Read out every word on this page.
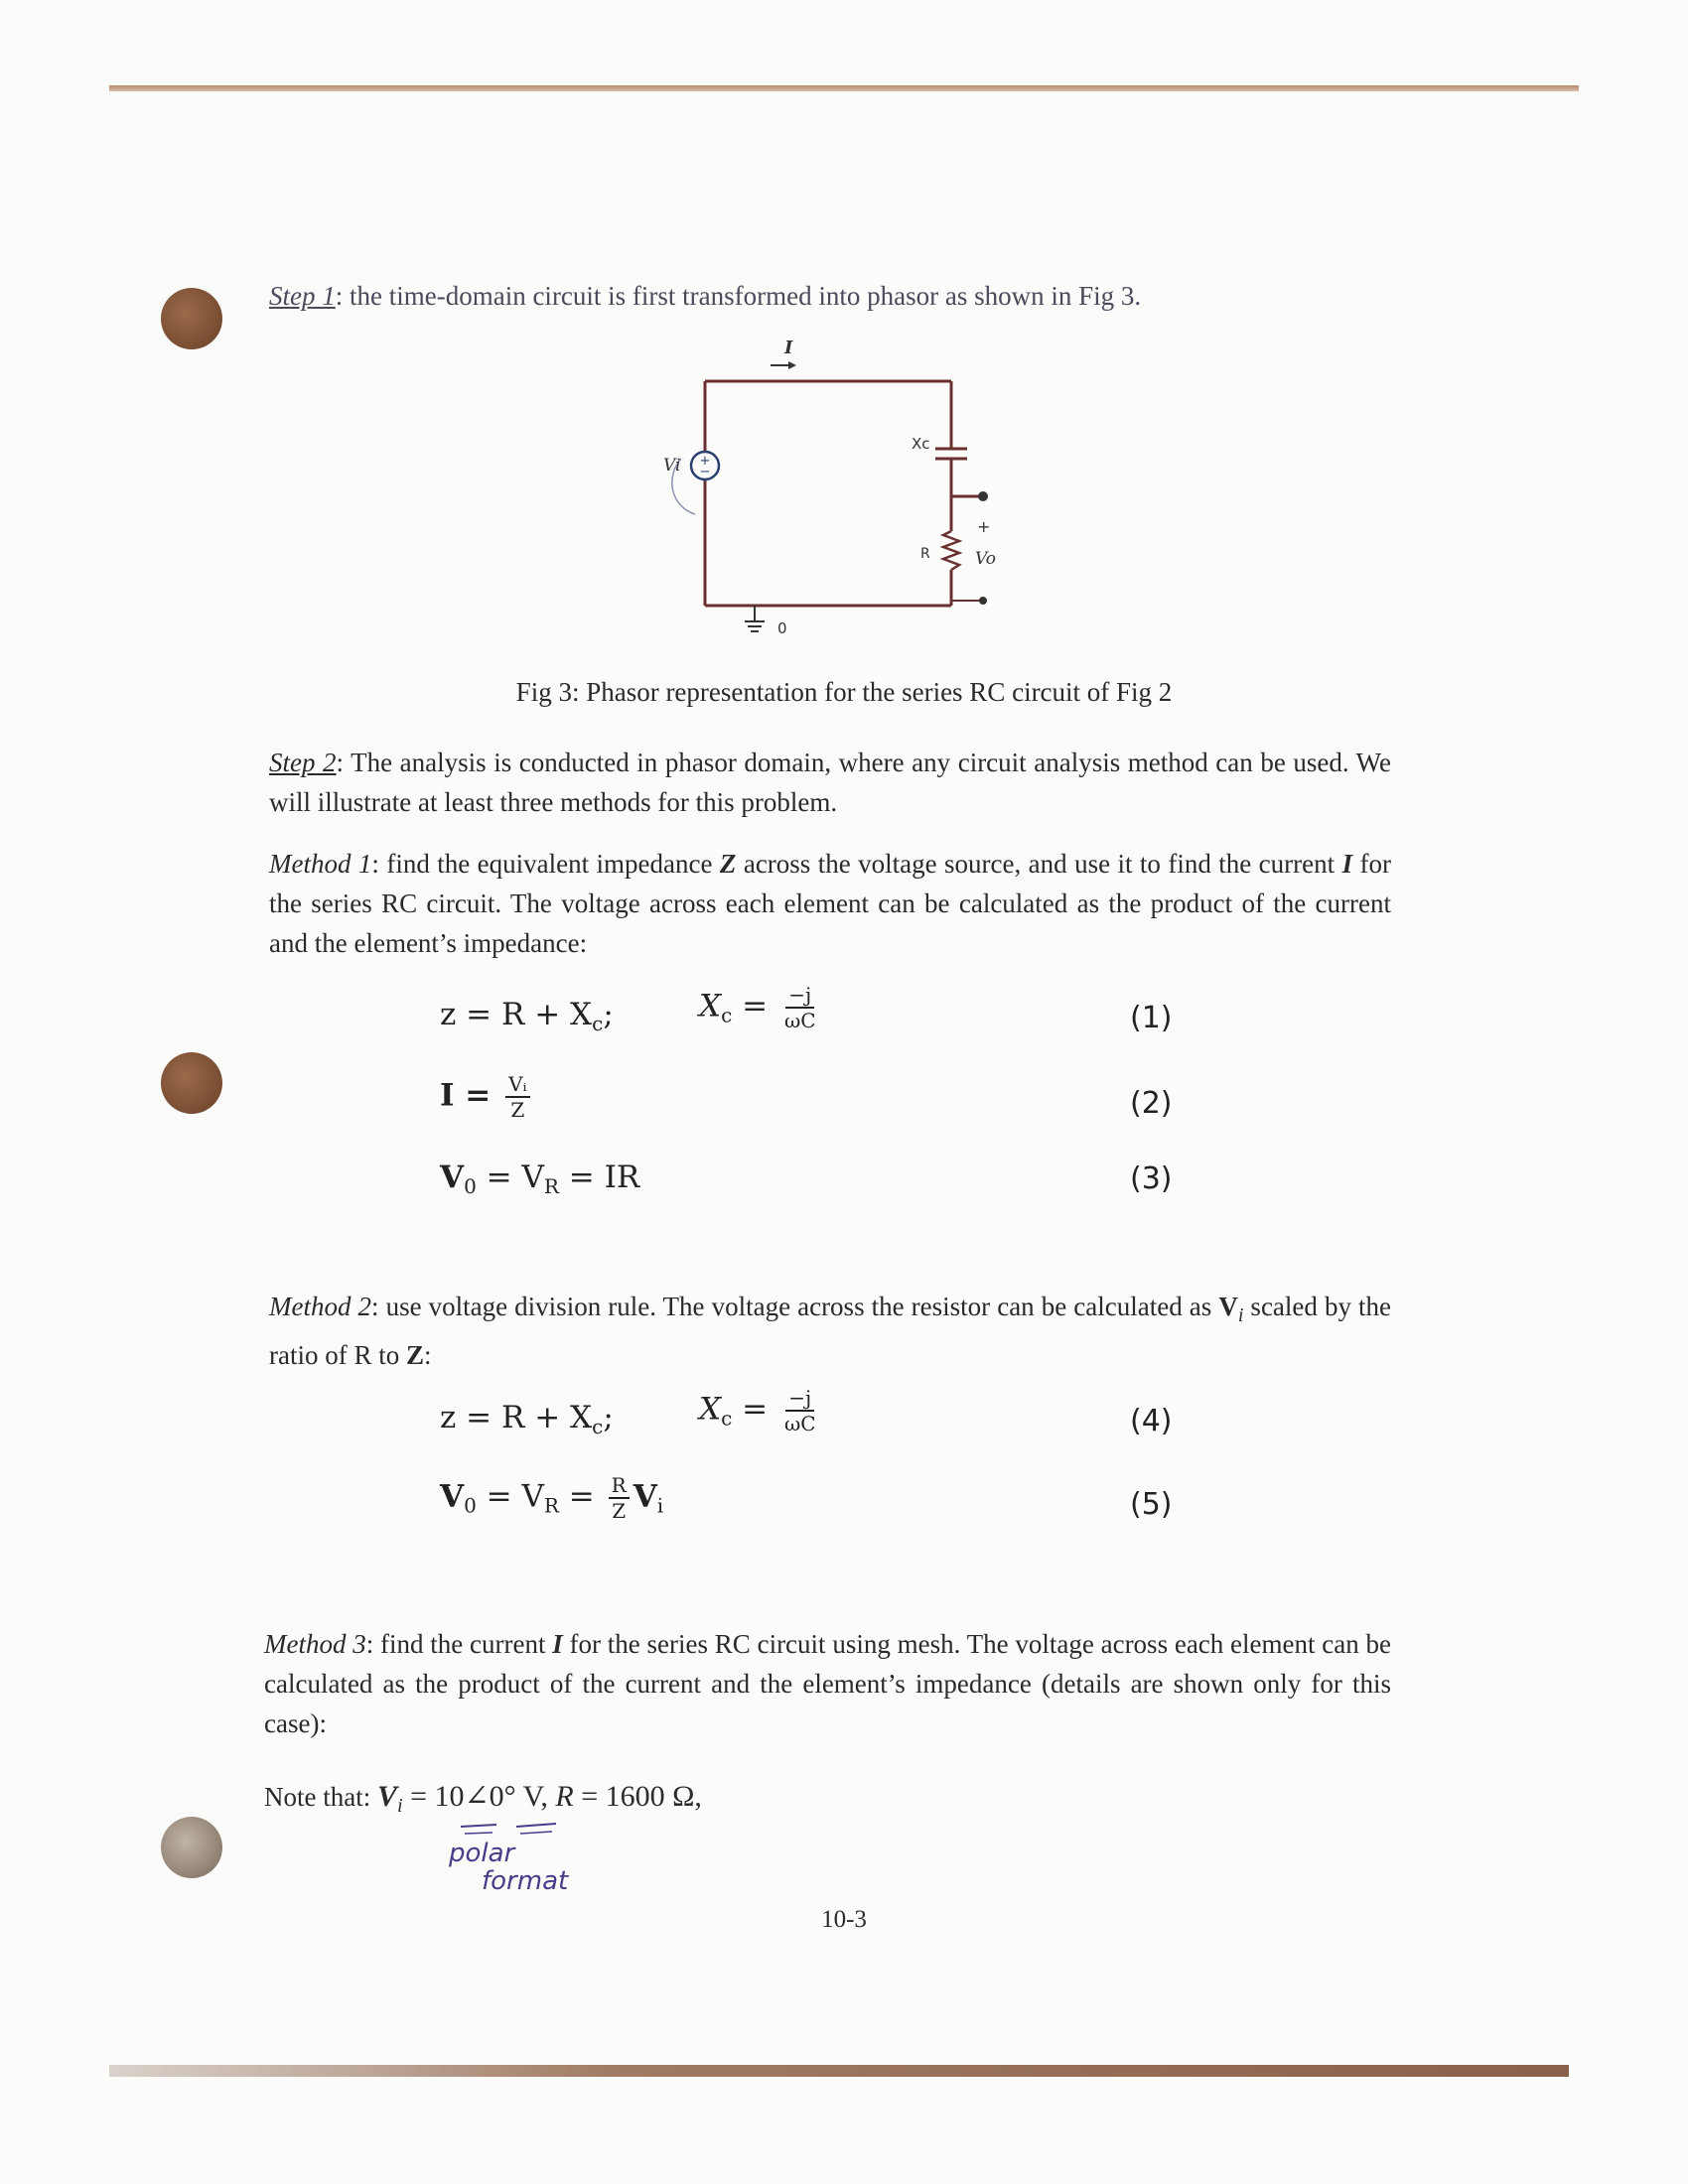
Step 1: the time-domain circuit is first transformed into phasor as shown in Fig 3.
+
−
I
Vi
Xc
R
+
Vo
0
Fig 3: Phasor representation for the series RC circuit of Fig 2
Step 2: The analysis is conducted in phasor domain, where any circuit analysis method can be used. We will illustrate at least three methods for this problem.
Method 1: find the equivalent impedance Z across the voltage source, and use it to find the current I for the series RC circuit. The voltage across each element can be calculated as the product of the current and the element’s impedance:
$z = R + X_c$;	$X_c = \frac{-j}{\omega C}$	(1)
$I = \frac{\text{Vᵢ}}{Z}$	(2)
$V_0 = V_R$ = IR	(3)
Method 2: use voltage division rule. The voltage across the resistor can be calculated as $V_i$ scaled by the ratio of R to Z:
$z = R + X_c$;	$X_c = \frac{-j}{\omega C}$	(4)
$V_0 = V_R = \frac{R}{Z} V_i$	(5)
Method 3: find the current I for the series RC circuit using mesh. The voltage across each element can be calculated as the product of the current and the element’s impedance (details are shown only for this case):
Note that: $V_i$ = 10∠0° V, R = 1600 Ω,
polar
format
10-3
